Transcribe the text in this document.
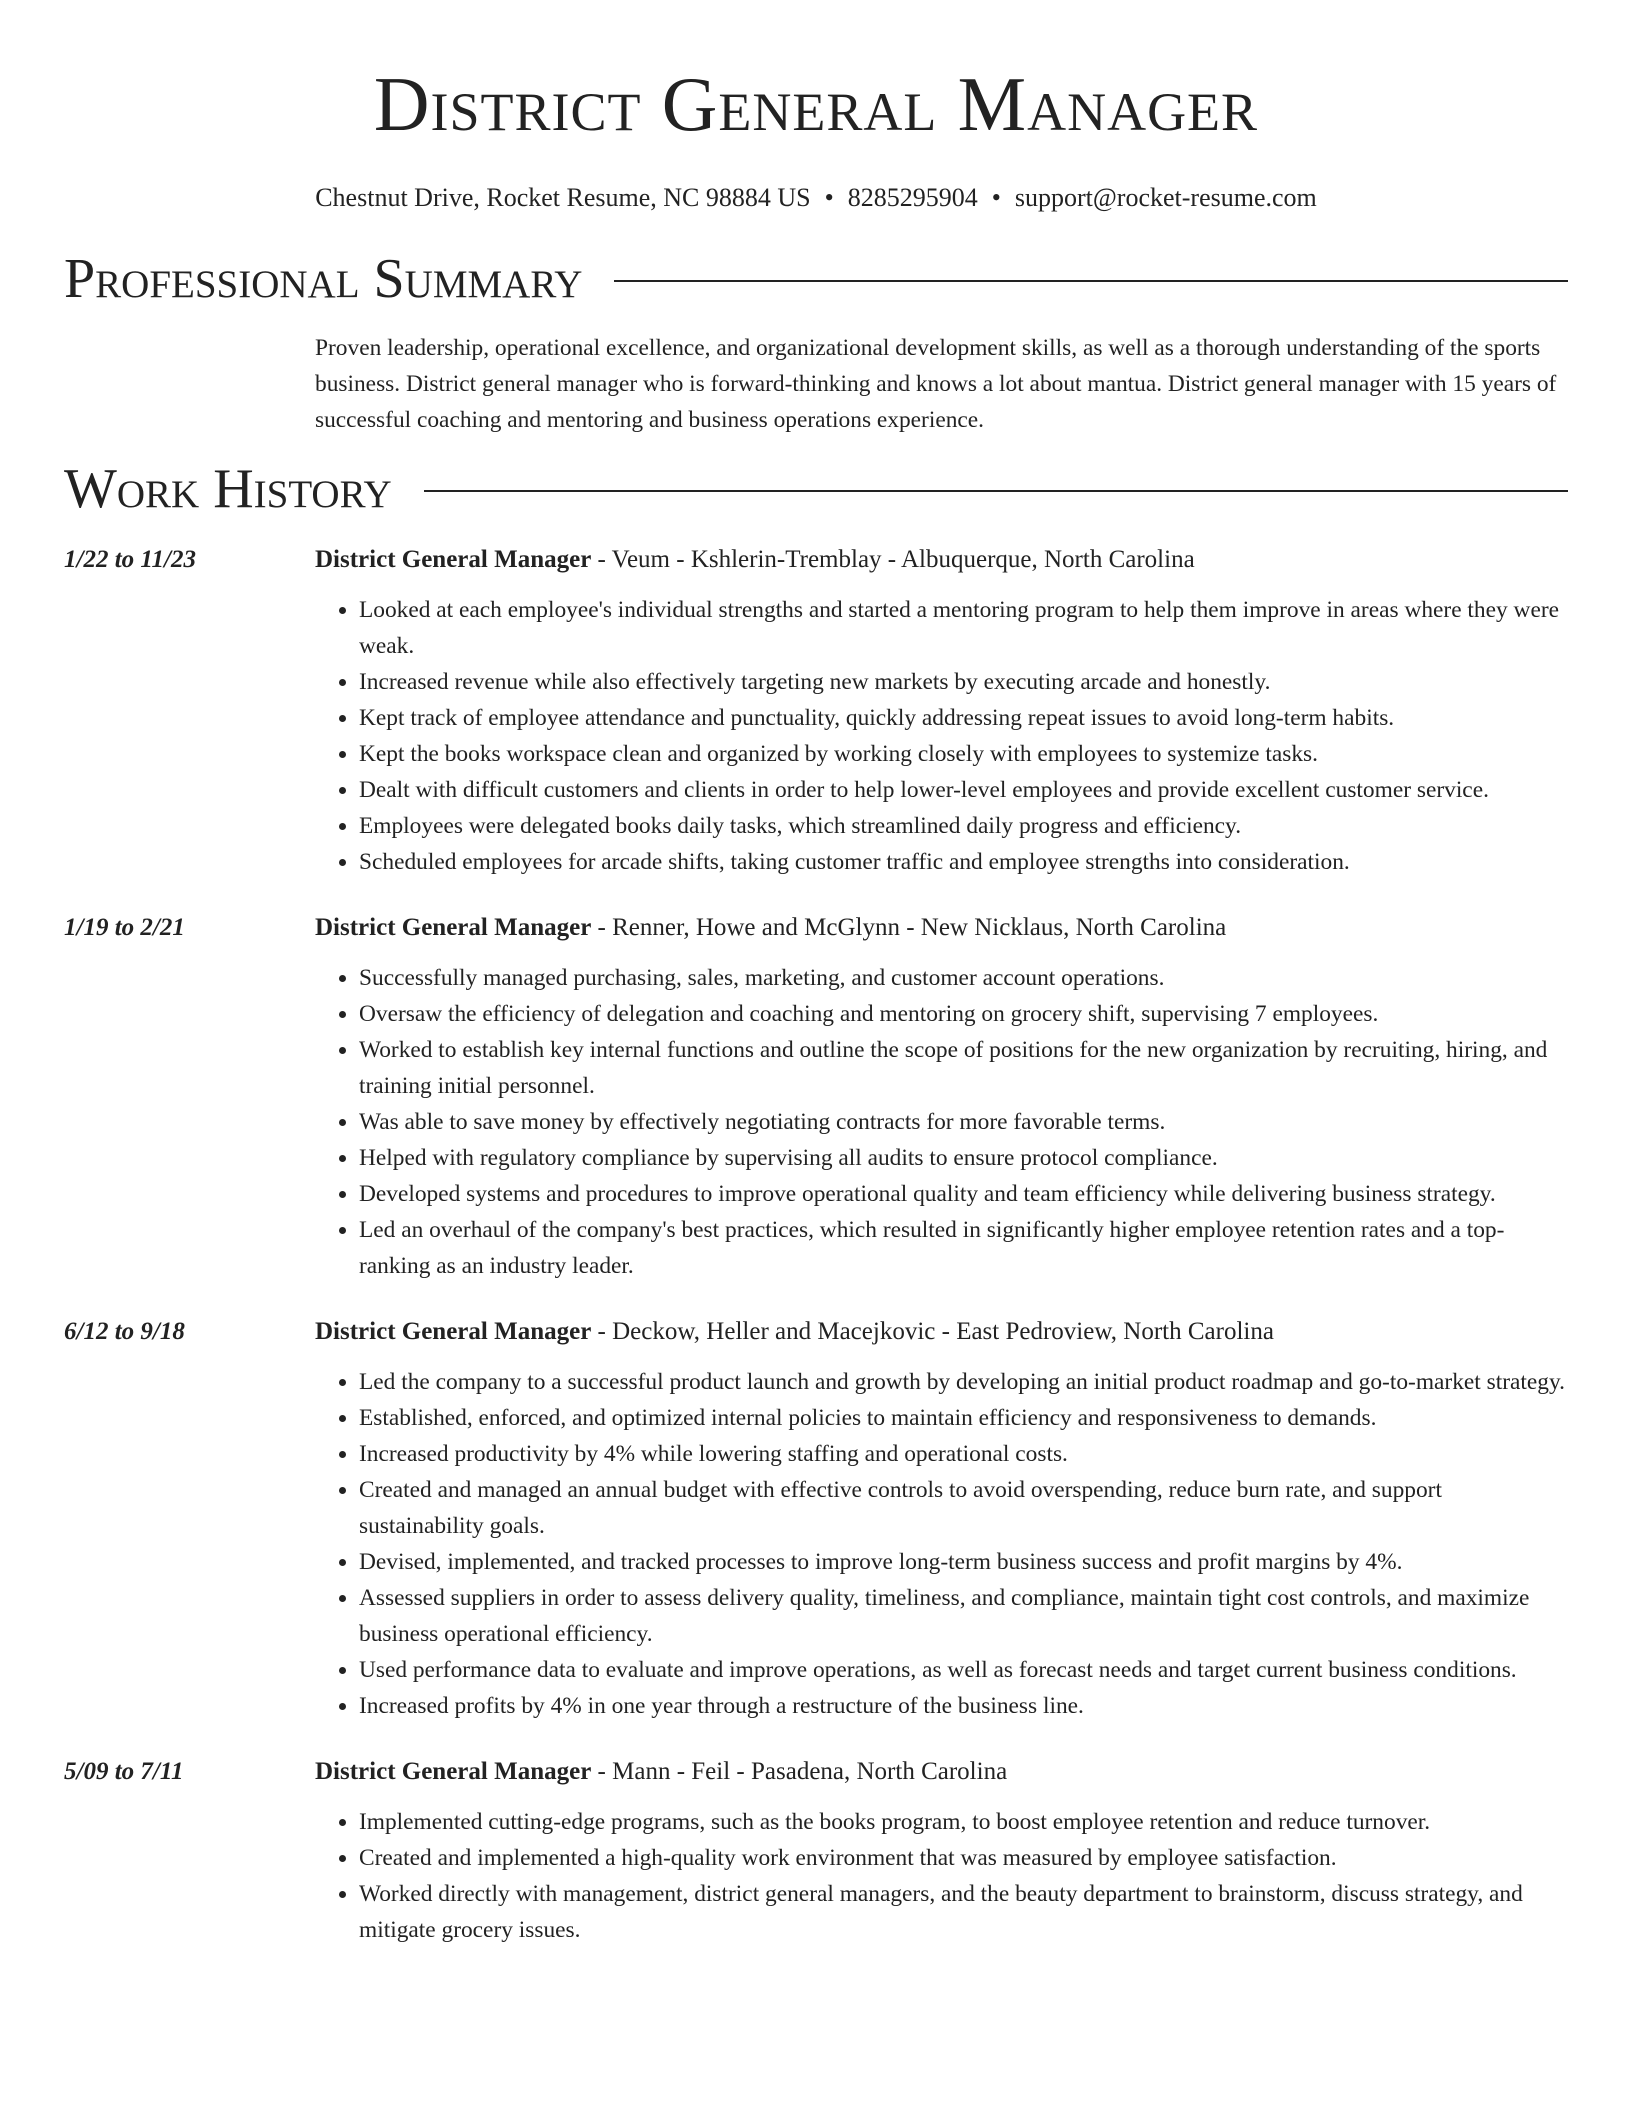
District General Manager
Chestnut Drive, Rocket Resume, NC 98884 US • 8285295904 • support@rocket-resume.com
Professional Summary
Proven leadership, operational excellence, and organizational development skills, as well as a thorough understanding of the sports business. District general manager who is forward-thinking and knows a lot about mantua. District general manager with 15 years of successful coaching and mentoring and business operations experience.
Work History
1/22 to 11/23	District General Manager - Veum - Kshlerin-Tremblay - Albuquerque, North Carolina
• Looked at each employee's individual strengths and started a mentoring program to help them improve in areas where they were weak.
• Increased revenue while also effectively targeting new markets by executing arcade and honestly.
• Kept track of employee attendance and punctuality, quickly addressing repeat issues to avoid long-term habits.
• Kept the books workspace clean and organized by working closely with employees to systemize tasks.
• Dealt with difficult customers and clients in order to help lower-level employees and provide excellent customer service.
• Employees were delegated books daily tasks, which streamlined daily progress and efficiency.
• Scheduled employees for arcade shifts, taking customer traffic and employee strengths into consideration.
1/19 to 2/21	District General Manager - Renner, Howe and McGlynn - New Nicklaus, North Carolina
• Successfully managed purchasing, sales, marketing, and customer account operations.
• Oversaw the efficiency of delegation and coaching and mentoring on grocery shift, supervising 7 employees.
• Worked to establish key internal functions and outline the scope of positions for the new organization by recruiting, hiring, and training initial personnel.
• Was able to save money by effectively negotiating contracts for more favorable terms.
• Helped with regulatory compliance by supervising all audits to ensure protocol compliance.
• Developed systems and procedures to improve operational quality and team efficiency while delivering business strategy.
• Led an overhaul of the company's best practices, which resulted in significantly higher employee retention rates and a top-ranking as an industry leader.
6/12 to 9/18	District General Manager - Deckow, Heller and Macejkovic - East Pedroview, North Carolina
• Led the company to a successful product launch and growth by developing an initial product roadmap and go-to-market strategy.
• Established, enforced, and optimized internal policies to maintain efficiency and responsiveness to demands.
• Increased productivity by 4% while lowering staffing and operational costs.
• Created and managed an annual budget with effective controls to avoid overspending, reduce burn rate, and support sustainability goals.
• Devised, implemented, and tracked processes to improve long-term business success and profit margins by 4%.
• Assessed suppliers in order to assess delivery quality, timeliness, and compliance, maintain tight cost controls, and maximize business operational efficiency.
• Used performance data to evaluate and improve operations, as well as forecast needs and target current business conditions.
• Increased profits by 4% in one year through a restructure of the business line.
5/09 to 7/11	District General Manager - Mann - Feil - Pasadena, North Carolina
• Implemented cutting-edge programs, such as the books program, to boost employee retention and reduce turnover.
• Created and implemented a high-quality work environment that was measured by employee satisfaction.
• Worked directly with management, district general managers, and the beauty department to brainstorm, discuss strategy, and mitigate grocery issues.
